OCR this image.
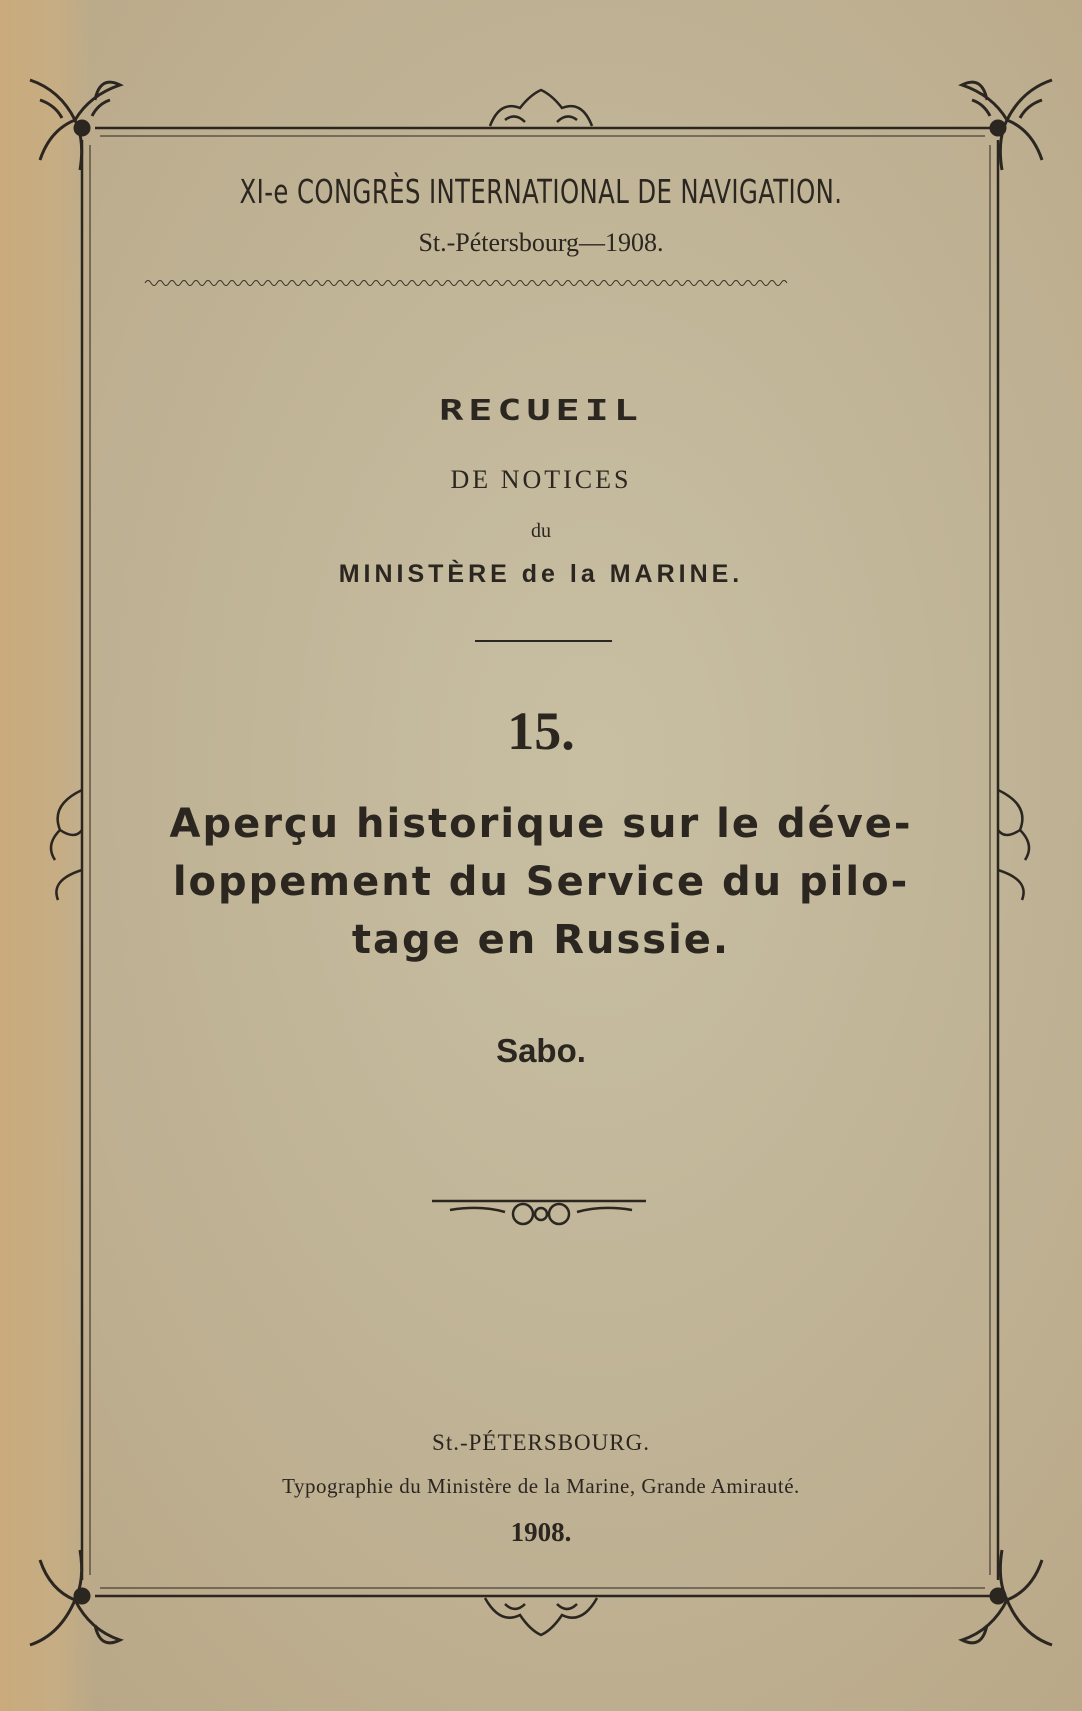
XI-e CONGRÈS INTERNATIONAL DE NAVIGATION.
St.-Pétersbourg—1908.
RECUEIL
DE NOTICES
du
MINISTÈRE de la MARINE.
15.
Aperçu historique sur le déve-
loppement du Service du pilo-
tage en Russie.
Sabo.
St.-PÉTERSBOURG.
Typographie du Ministère de la Marine, Grande Amirauté.
1908.
